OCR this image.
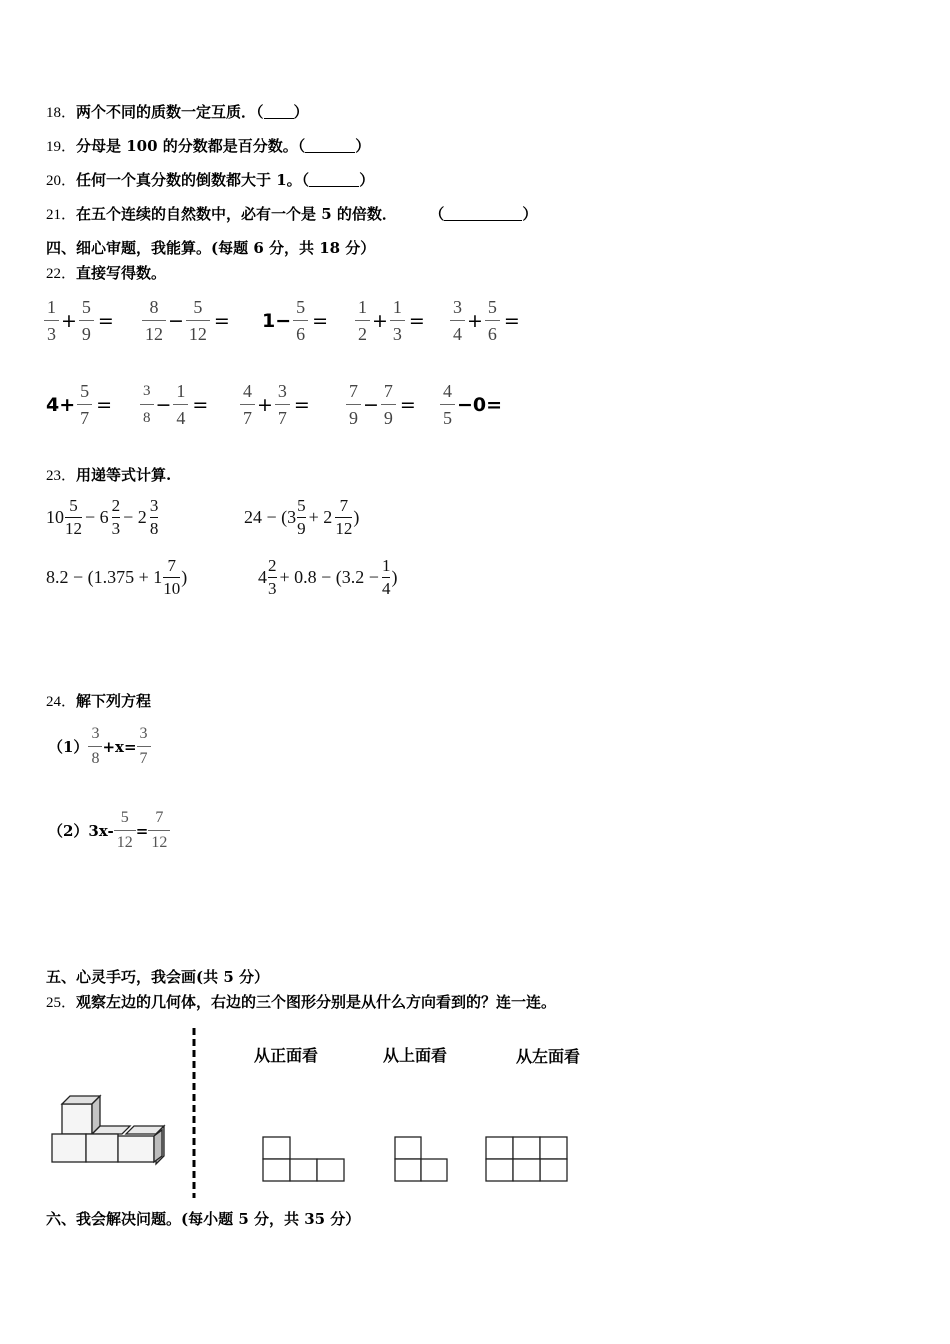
18．两个不同的质数一定互质．（ ）
19．分母是 100 的分数都是百分数。（	）
20．任何一个真分数的倒数都大于 1。（	）
21．在五个连续的自然数中，必有一个是 5 的倍数．	（	）
四、细心审题，我能算。(每题 6 分，共 18 分）
22．直接写得数。
$\frac{1}{3} + \frac{5}{9} = \frac{8}{12} - \frac{5}{12} = 1- \frac{5}{6} = \frac{1}{2} + \frac{1}{3} = \frac{3}{4} + \frac{5}{6}$ =
$4+ \frac{5}{7} = \frac{3}{8} - \frac{1}{4} = \frac{4}{7} + \frac{3}{7} = \frac{7}{9} - \frac{7}{9} = \frac{4}{5} -0=$
23．用递等式计算.
10
5
12
− 6
2
3
− 2
3
8
24 − (3
5
9
+ 2
7
12
)
8.2 − (1.375 + 1
7
10
)	4
2
3
+ 0.8 − (3.2 −
1
4
)
24．解下列方程
$(1) \frac{3}{8} +x= \frac{3}{7}$
$(2)3x- \frac{5}{12} = \frac{7}{12}$
五、心灵手巧，我会画(共 5 分）
25．观察左边的几何体，右边的三个图形分别是从什么方向看到的？连一连。
从正面看	从上面看	从左面看
六、我会解决问题。(每小题 5 分，共 35 分）
